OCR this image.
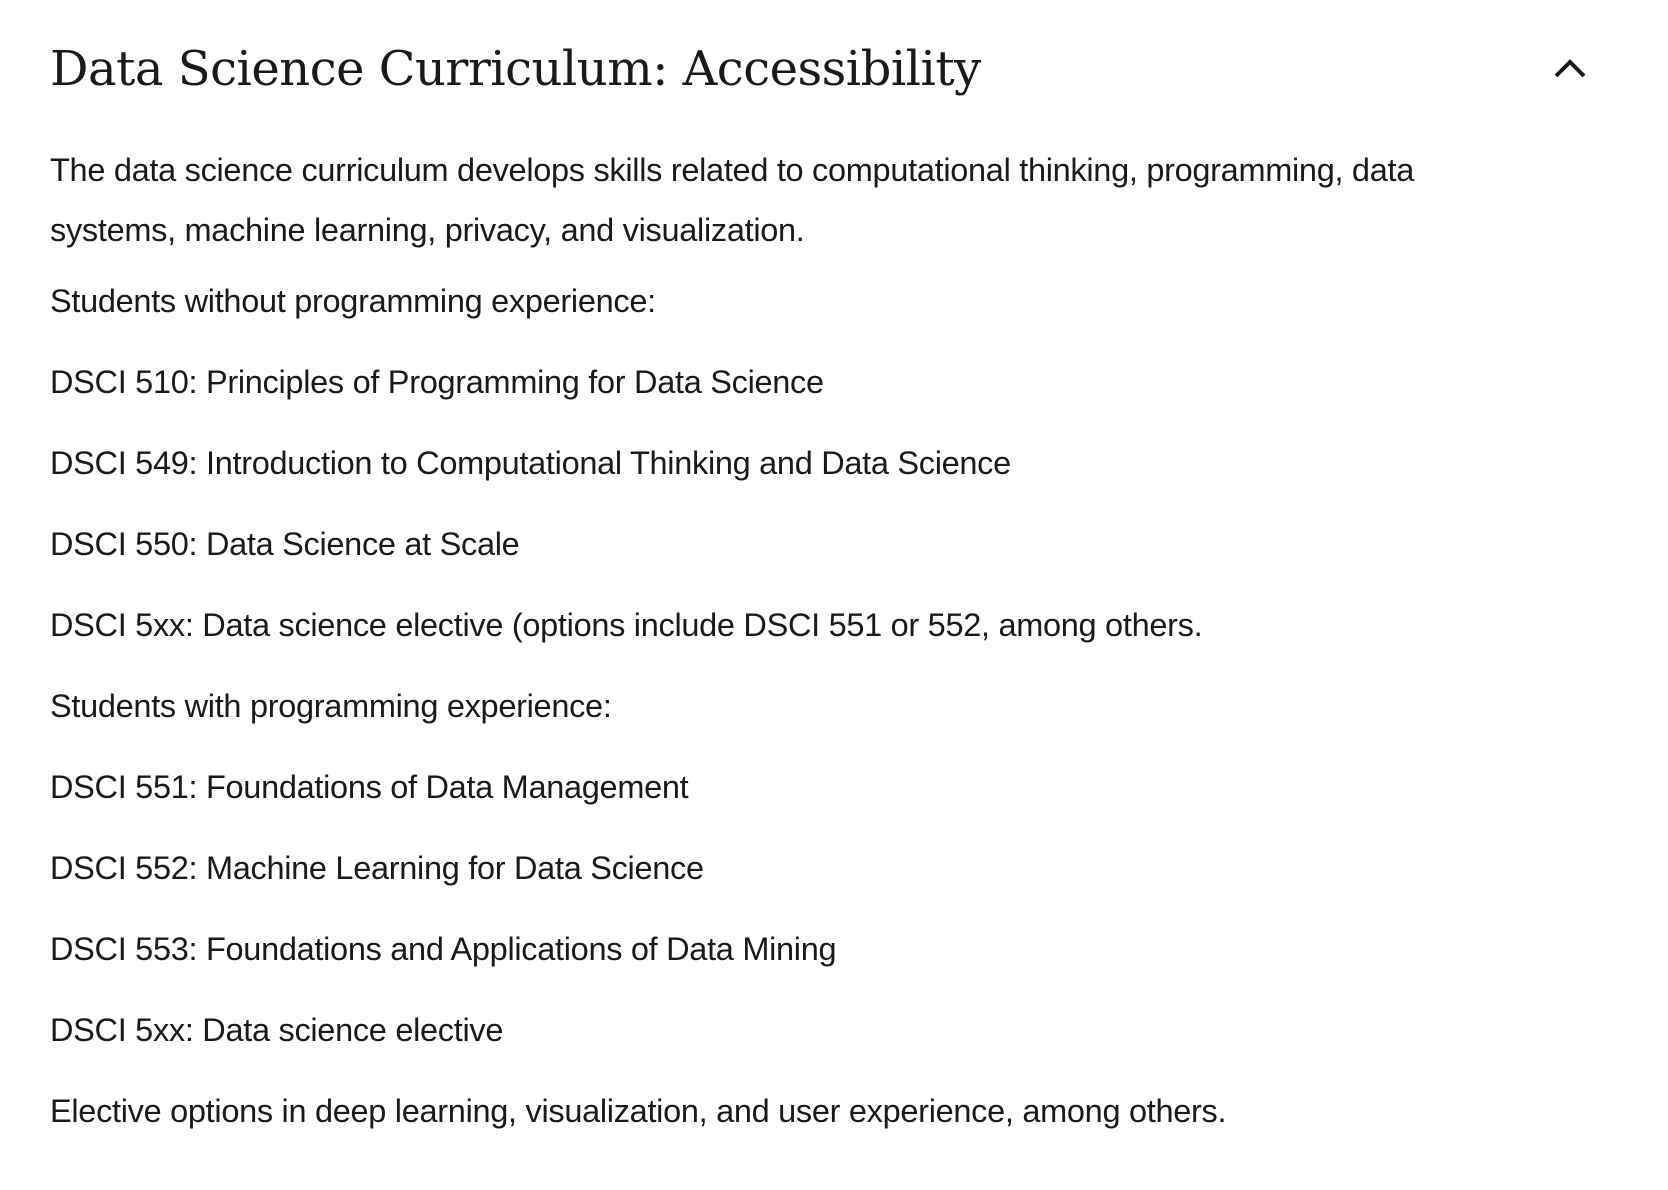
Data Science Curriculum: Accessibility

The data science curriculum develops skills related to computational thinking, programming, data
systems, machine learning, privacy, and visualization.

Students without programming experience:

DSCI 510: Principles of Programming for Data Science

DSCI 549: Introduction to Computational Thinking and Data Science

DSCI 550: Data Science at Scale

DSCI 5xx: Data science elective (options include DSCI 551 or 552, among others.

Students with programming experience:

DSCI 551: Foundations of Data Management

DSCI 552: Machine Learning for Data Science

DSCI 553: Foundations and Applications of Data Mining

DSCI 5xx: Data science elective

Elective options in deep learning, visualization, and user experience, among others.
